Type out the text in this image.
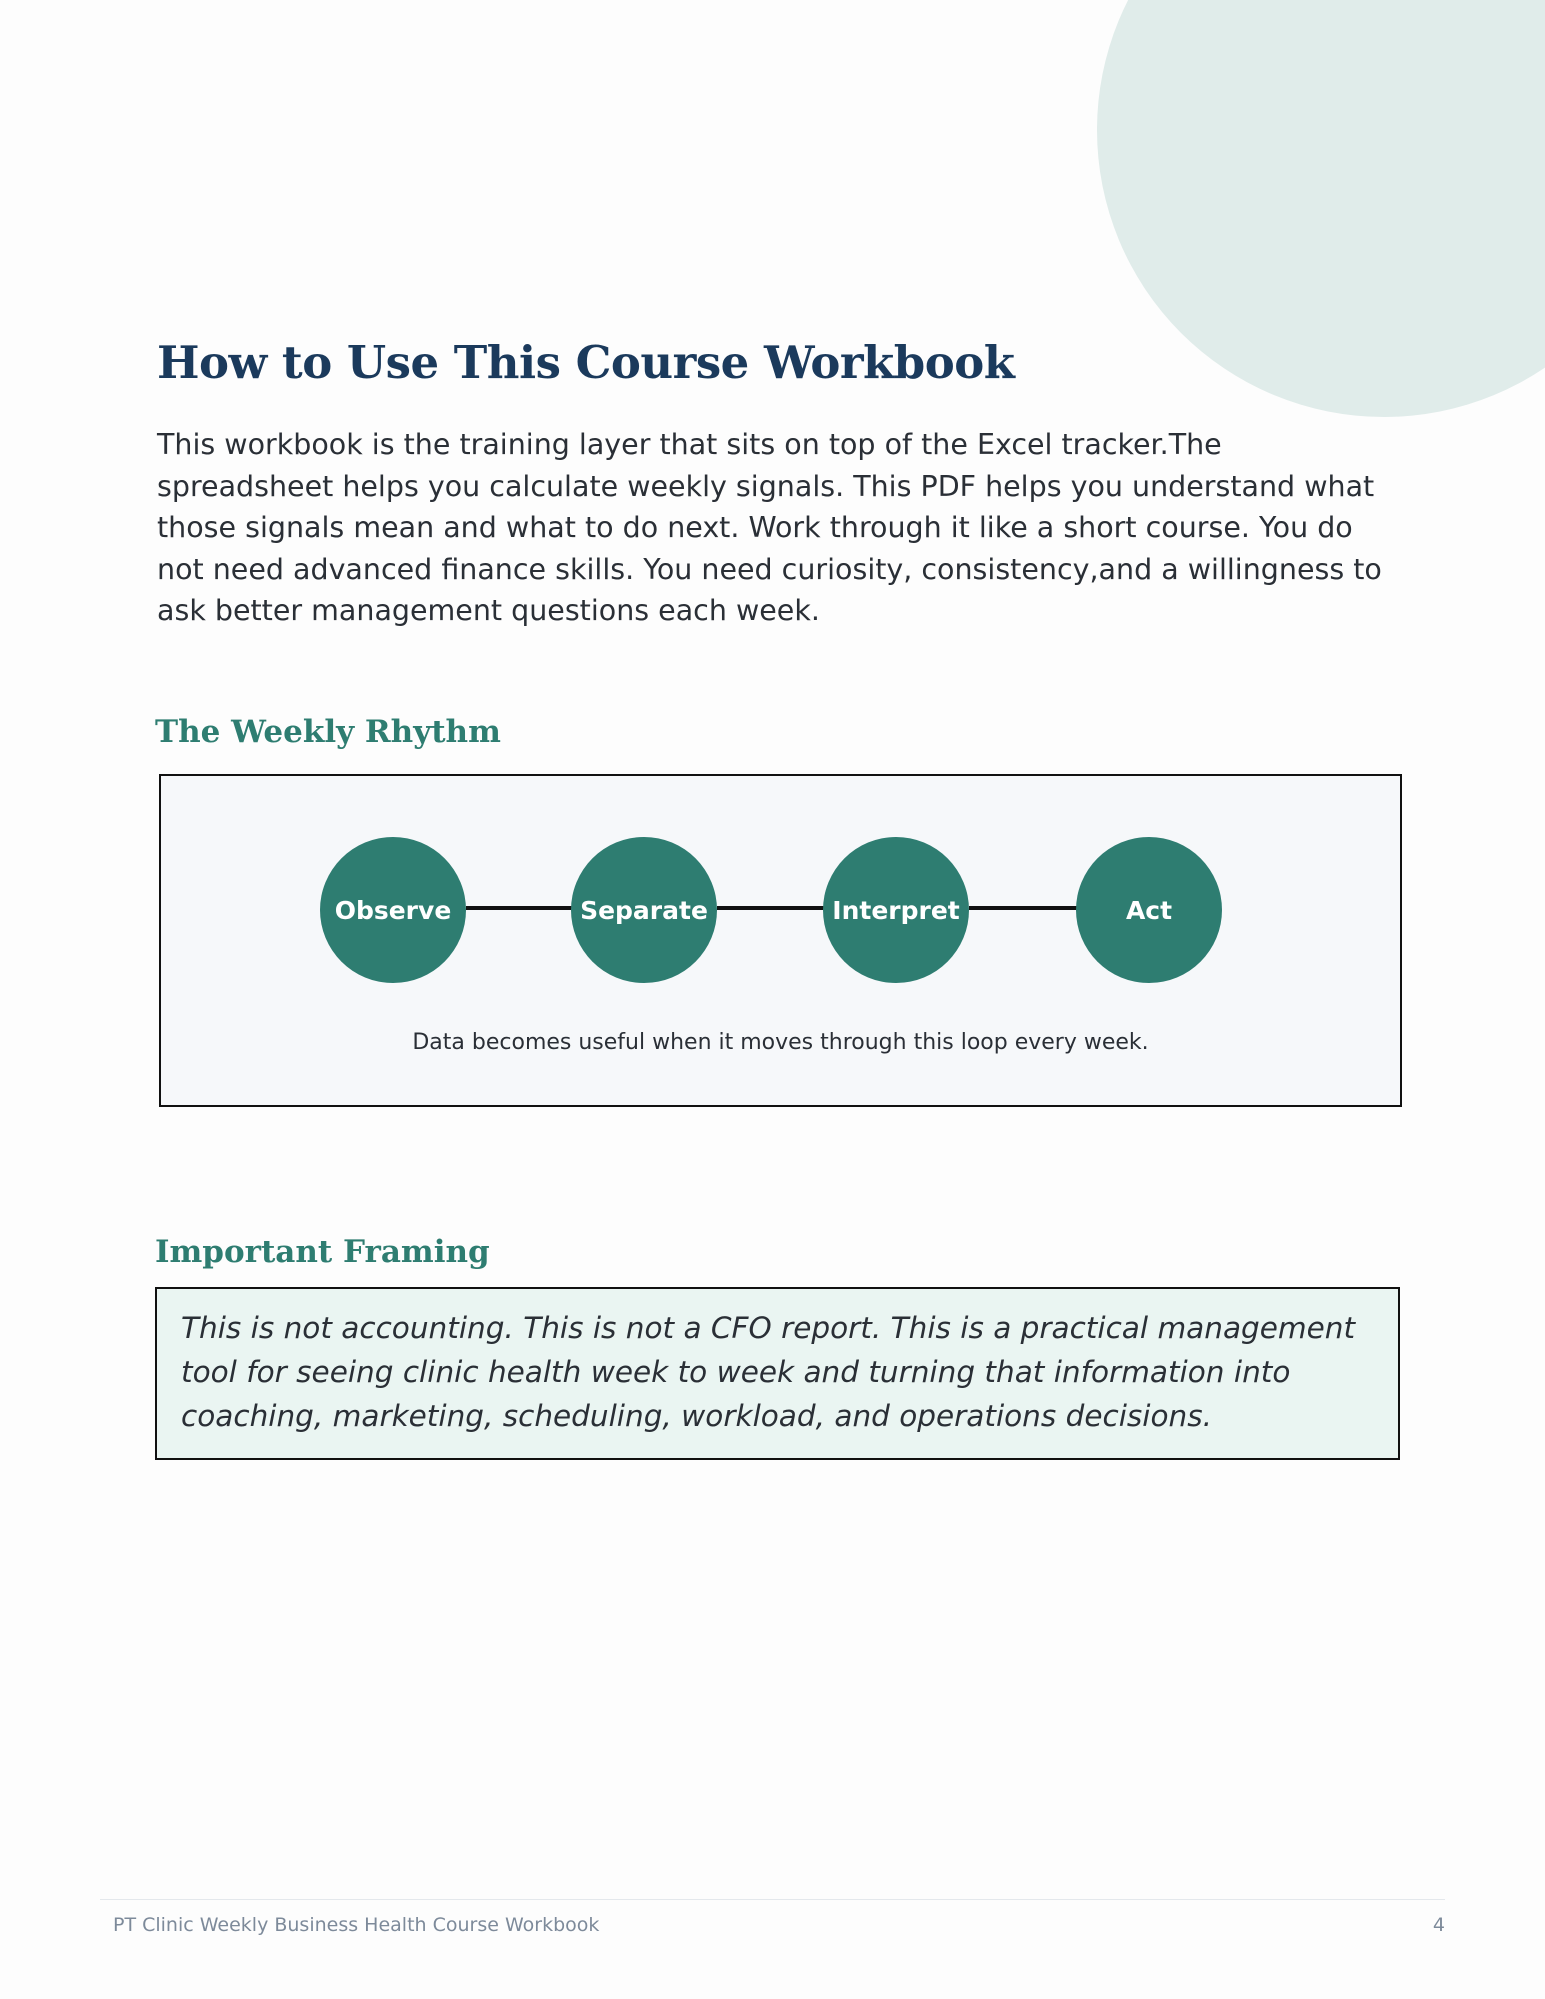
How to Use This Course Workbook

This workbook is the training layer that sits on top of the Excel tracker.The spreadsheet helps you calculate weekly signals. This PDF helps you understand what those signals mean and what to do next. Work through it like a short course. You do not need advanced finance skills. You need curiosity, consistency,and a willingness to ask better management questions each week.

The Weekly Rhythm
Observe	Separate	Interpret	Act
Data becomes useful when it moves through this loop every week.
Important Framing

This is not accounting. This is not a CFO report. This is a practical management tool for seeing clinic health week to week and turning that information into coaching, marketing, scheduling, workload, and operations decisions.

PT Clinic Weekly Business Health Course Workbook	4
